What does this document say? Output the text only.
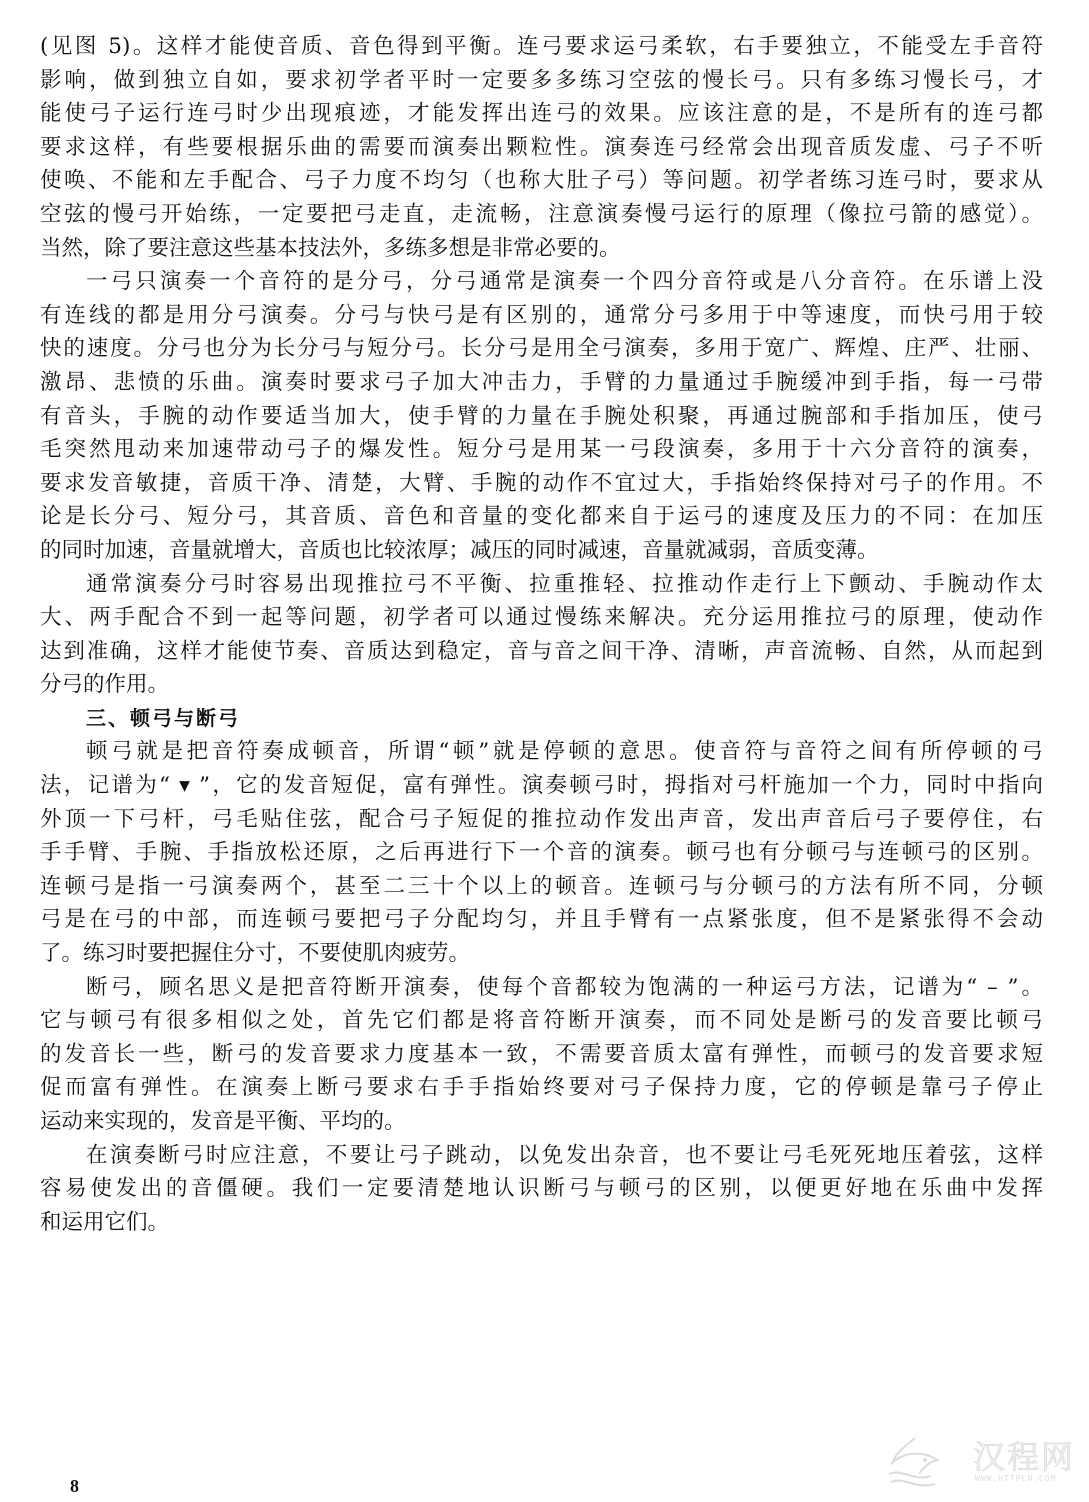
(见图 5)。这样才能使音质、音色得到平衡。连弓要求运弓柔软，右手要独立，不能受左手音符
影响，做到独立自如，要求初学者平时一定要多多练习空弦的慢长弓。只有多练习慢长弓，才
能使弓子运行连弓时少出现痕迹，才能发挥出连弓的效果。应该注意的是，不是所有的连弓都
要求这样，有些要根据乐曲的需要而演奏出颗粒性。演奏连弓经常会出现音质发虚、弓子不听
使唤、不能和左手配合、弓子力度不均匀（也称大肚子弓）等问题。初学者练习连弓时，要求从
空弦的慢弓开始练，一定要把弓走直，走流畅，注意演奏慢弓运行的原理（像拉弓箭的感觉）。
当然，除了要注意这些基本技法外，多练多想是非常必要的。
一弓只演奏一个音符的是分弓，分弓通常是演奏一个四分音符或是八分音符。在乐谱上没
有连线的都是用分弓演奏。分弓与快弓是有区别的，通常分弓多用于中等速度，而快弓用于较
快的速度。分弓也分为长分弓与短分弓。长分弓是用全弓演奏，多用于宽广、辉煌、庄严、壮丽、
激昂、悲愤的乐曲。演奏时要求弓子加大冲击力，手臂的力量通过手腕缓冲到手指，每一弓带
有音头，手腕的动作要适当加大，使手臂的力量在手腕处积聚，再通过腕部和手指加压，使弓
毛突然甩动来加速带动弓子的爆发性。短分弓是用某一弓段演奏，多用于十六分音符的演奏，
要求发音敏捷，音质干净、清楚，大臂、手腕的动作不宜过大，手指始终保持对弓子的作用。不
论是长分弓、短分弓，其音质、音色和音量的变化都来自于运弓的速度及压力的不同：在加压
的同时加速，音量就增大，音质也比较浓厚；减压的同时减速，音量就减弱，音质变薄。
通常演奏分弓时容易出现推拉弓不平衡、拉重推轻、拉推动作走行上下颤动、手腕动作太
大、两手配合不到一起等问题，初学者可以通过慢练来解决。充分运用推拉弓的原理，使动作
达到准确，这样才能使节奏、音质达到稳定，音与音之间干净、清晰，声音流畅、自然，从而起到
分弓的作用。
三、顿弓与断弓
顿弓就是把音符奏成顿音，所谓“顿”就是停顿的意思。使音符与音符之间有所停顿的弓
法，记谱为“ ▾ ”，它的发音短促，富有弹性。演奏顿弓时，拇指对弓杆施加一个力，同时中指向
外顶一下弓杆，弓毛贴住弦，配合弓子短促的推拉动作发出声音，发出声音后弓子要停住，右
手手臂、手腕、手指放松还原，之后再进行下一个音的演奏。顿弓也有分顿弓与连顿弓的区别。
连顿弓是指一弓演奏两个，甚至二三十个以上的顿音。连顿弓与分顿弓的方法有所不同，分顿
弓是在弓的中部，而连顿弓要把弓子分配均匀，并且手臂有一点紧张度，但不是紧张得不会动
了。练习时要把握住分寸，不要使肌肉疲劳。
断弓，顾名思义是把音符断开演奏，使每个音都较为饱满的一种运弓方法，记谱为“ – ”。
它与顿弓有很多相似之处，首先它们都是将音符断开演奏，而不同处是断弓的发音要比顿弓
的发音长一些，断弓的发音要求力度基本一致，不需要音质太富有弹性，而顿弓的发音要求短
促而富有弹性。在演奏上断弓要求右手手指始终要对弓子保持力度，它的停顿是靠弓子停止
运动来实现的，发音是平衡、平均的。
在演奏断弓时应注意，不要让弓子跳动，以免发出杂音，也不要让弓毛死死地压着弦，这样
容易使发出的音僵硬。我们一定要清楚地认识断弓与顿弓的区别，以便更好地在乐曲中发挥
和运用它们。
8
汉程网
WWW.HTTPCN.COM
